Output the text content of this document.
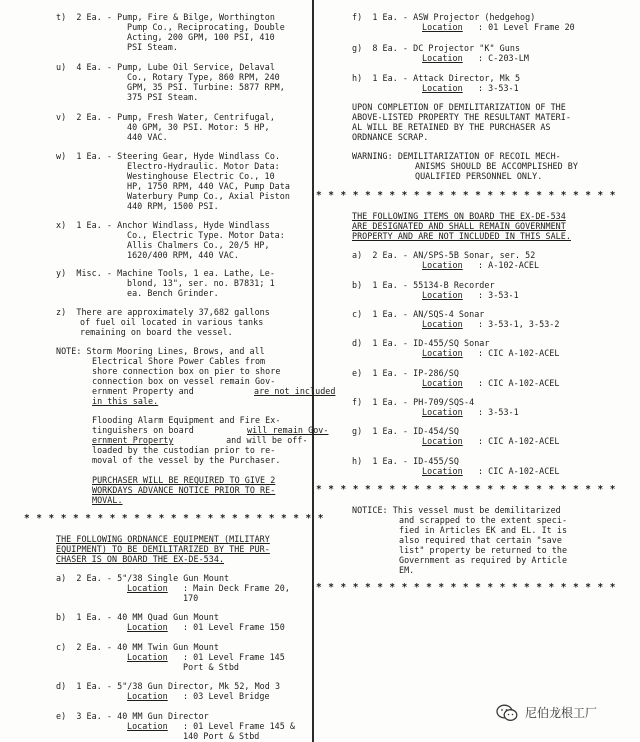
t)  2 Ea. - Pump, Fire & Bilge, Worthington
Pump Co., Reciprocating, Double
Acting, 200 GPM, 100 PSI, 410
PSI Steam.
u)  4 Ea. - Pump, Lube Oil Service, Delaval
Co., Rotary Type, 860 RPM, 240
GPM, 35 PSI. Turbine: 5877 RPM,
375 PSI Steam.
v)  2 Ea. - Pump, Fresh Water, Centrifugal,
40 GPM, 30 PSI. Motor: 5 HP,
440 VAC.
w)  1 Ea. - Steering Gear, Hyde Windlass Co.
Electro-Hydraulic. Motor Data:
Westinghouse Electric Co., 10
HP, 1750 RPM, 440 VAC, Pump Data
Waterbury Pump Co., Axial Piston
440 RPM, 1500 PSI.
x)  1 Ea. - Anchor Windlass, Hyde Windlass
Co., Electric Type. Motor Data:
Allis Chalmers Co., 20/5 HP,
1620/400 RPM, 440 VAC.
y)  Misc. - Machine Tools, 1 ea. Lathe, Le-
blond, 13", ser. no. B7831; 1
ea. Bench Grinder.
z)  There are approximately 37,682 gallons
of fuel oil located in various tanks
remaining on board the vessel.
NOTE: Storm Mooring Lines, Brows, and all
Electrical Shore Power Cables from
shore connection box on pier to shore
connection box on vessel remain Gov-
ernment Property and	are not included
in this sale.
Flooding Alarm Equipment and Fire Ex-
tinguishers on board	will remain Gov-
ernment Property	and will be off-
loaded by the custodian prior to re-
moval of the vessel by the Purchaser.
PURCHASER WILL BE REQUIRED TO GIVE 2
WORKDAYS ADVANCE NOTICE PRIOR TO RE-
MOVAL.
THE FOLLOWING ORDNANCE EQUIPMENT (MILITARY
EQUIPMENT) TO BE DEMILITARIZED BY THE PUR-
CHASER IS ON BOARD THE EX-DE-534.
a)  2 Ea. - 5"/38 Single Gun Mount
Location : Main Deck Frame 20,
170
b)  1 Ea. - 40 MM Quad Gun Mount
Location : 01 Level Frame 150
c)  2 Ea. - 40 MM Twin Gun Mount
Location : 01 Level Frame 145
Port & Stbd
d)  1 Ea. - 5"/38 Gun Director, Mk 52, Mod 3
Location : 03 Level Bridge
e)  3 Ea. - 40 MM Gun Director
Location : 01 Level Frame 145 &
140 Port & Stbd
f)  1 Ea. - ASW Projector (hedgehog)
Location : 01 Level Frame 20
g)  8 Ea. - DC Projector "K" Guns
Location : C-203-LM
h)  1 Ea. - Attack Director, Mk 5
Location : 3-53-1
UPON COMPLETION OF DEMILITARIZATION OF THE
ABOVE-LISTED PROPERTY THE RESULTANT MATERI-
AL WILL BE RETAINED BY THE PURCHASER AS
ORDNANCE SCRAP.
WARNING: DEMILITARIZATION OF RECOIL MECH-
ANISMS SHOULD BE ACCOMPLISHED BY
QUALIFIED PERSONNEL ONLY.
THE FOLLOWING ITEMS ON BOARD THE EX-DE-534
ARE DESIGNATED AND SHALL REMAIN GOVERNMENT
PROPERTY AND ARE NOT INCLUDED IN THIS SALE.
a)  2 Ea. - AN/SPS-5B Sonar, ser. 52
Location : A-102-ACEL
b)  1 Ea. - 55134-B Recorder
Location : 3-53-1
c)  1 Ea. - AN/SQS-4 Sonar
Location : 3-53-1, 3-53-2
d)  1 Ea. - ID-455/SQ Sonar
Location : CIC A-102-ACEL
e)  1 Ea. - IP-286/SQ
Location : CIC A-102-ACEL
f)  1 Ea. - PH-709/SQS-4
Location : 3-53-1
g)  1 Ea. - ID-454/SQ
Location : CIC A-102-ACEL
h)  1 Ea. - ID-455/SQ
Location : CIC A-102-ACEL
NOTICE: This vessel must be demilitarized
and scrapped to the extent speci-
fied in Articles EK and EL. It is
also required that certain "save
list" property be returned to the
Government as required by Article
EM.
* * * * * * * * * * * * * * * * * * * * * * * * *
* * * * * * * * * * * * * * * * * * * * * * * * *
* * * * * * * * * * * * * * * * * * * * * * * * *
* * * * * * * * * * * * * * * * * * * * * * * * *
尼伯龙根工厂
